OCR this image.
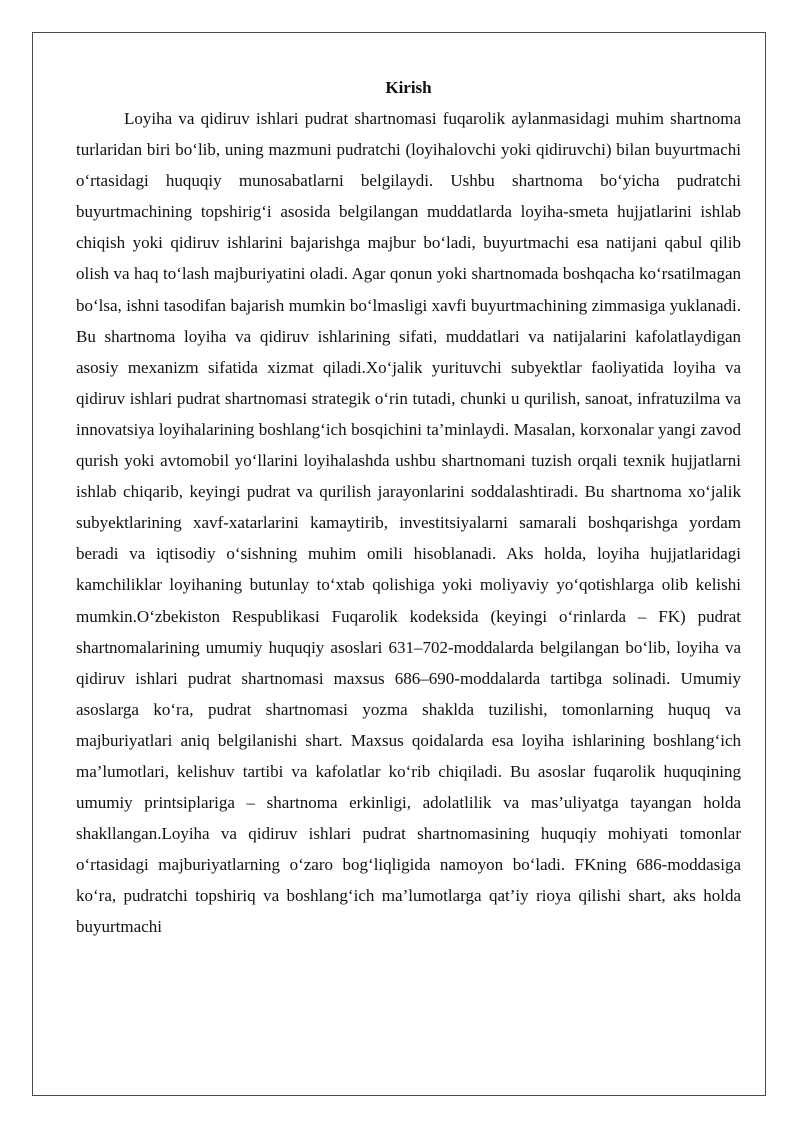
Kirish

Loyiha va qidiruv ishlari pudrat shartnomasi fuqarolik aylanmasidagi muhim shartnoma turlaridan biri bo‘lib, uning mazmuni pudratchi (loyihalovchi yoki qidiruvchi) bilan buyurtmachi o‘rtasidagi huquqiy munosabatlarni belgilaydi. Ushbu shartnoma bo‘yicha pudratchi buyurtmachining topshirig‘i asosida belgilangan muddatlarda loyiha-smeta hujjatlarini ishlab chiqish yoki qidiruv ishlarini bajarishga majbur bo‘ladi, buyurtmachi esa natijani qabul qilib olish va haq to‘lash majburiyatini oladi. Agar qonun yoki shartnomada boshqacha ko‘rsatilmagan bo‘lsa, ishni tasodifan bajarish mumkin bo‘lmasligi xavfi buyurtmachining zimmasiga yuklanadi. Bu shartnoma loyiha va qidiruv ishlarining sifati, muddatlari va natijalarini kafolatlaydigan asosiy mexanizm sifatida xizmat qiladi.Xo‘jalik yurituvchi subyektlar faoliyatida loyiha va qidiruv ishlari pudrat shartnomasi strategik o‘rin tutadi, chunki u qurilish, sanoat, infratuzilma va innovatsiya loyihalarining boshlang‘ich bosqichini ta’minlaydi. Masalan, korxonalar yangi zavod qurish yoki avtomobil yo‘llarini loyihalashda ushbu shartnomani tuzish orqali texnik hujjatlarni ishlab chiqarib, keyingi pudrat va qurilish jarayonlarini soddalashtiradi. Bu shartnoma xo‘jalik subyektlarining xavf-xatarlarini kamaytirib, investitsiyalarni samarali boshqarishga yordam beradi va iqtisodiy o‘sishning muhim omili hisoblanadi. Aks holda, loyiha hujjatlaridagi kamchiliklar loyihaning butunlay to‘xtab qolishiga yoki moliyaviy yo‘qotishlarga olib kelishi mumkin.O‘zbekiston Respublikasi Fuqarolik kodeksida (keyingi o‘rinlarda – FK) pudrat shartnomalarining umumiy huquqiy asoslari 631–702-moddalarda belgilangan bo‘lib, loyiha va qidiruv ishlari pudrat shartnomasi maxsus 686–690-moddalarda tartibga solinadi. Umumiy asoslarga ko‘ra, pudrat shartnomasi yozma shaklda tuzilishi, tomonlarning huquq va majburiyatlari aniq belgilanishi shart. Maxsus qoidalarda esa loyiha ishlarining boshlang‘ich ma’lumotlari, kelishuv tartibi va kafolatlar ko‘rib chiqiladi. Bu asoslar fuqarolik huquqining umumiy printsiplariga – shartnoma erkinligi, adolatlilik va mas’uliyatga tayangan holda shakllangan.Loyiha va qidiruv ishlari pudrat shartnomasining huquqiy mohiyati tomonlar o‘rtasidagi majburiyatlarning o‘zaro bog‘liqligida namoyon bo‘ladi. FKning 686-moddasiga ko‘ra, pudratchi topshiriq va boshlang‘ich ma’lumotlarga qat’iy rioya qilishi shart, aks holda buyurtmachi
